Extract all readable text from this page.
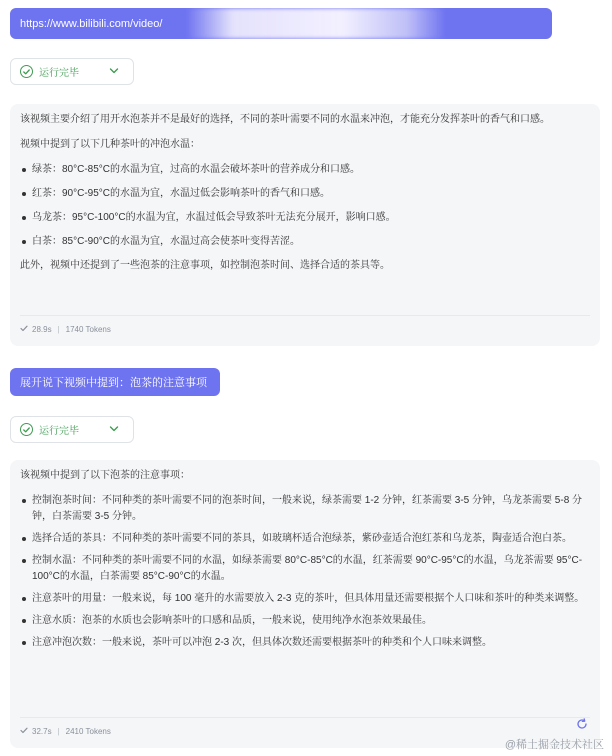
https://www.bilibili.com/video/
运行完毕

该视频主要介绍了用开水泡茶并不是最好的选择，不同的茶叶需要不同的水温来冲泡，才能充分发挥茶叶的香气和口感。

视频中提到了以下几种茶叶的冲泡水温：

绿茶：80°C-85°C的水温为宜，过高的水温会破坏茶叶的营养成分和口感。
红茶：90°C-95°C的水温为宜，水温过低会影响茶叶的香气和口感。
乌龙茶：95°C-100°C的水温为宜，水温过低会导致茶叶无法充分展开，影响口感。
白茶：85°C-90°C的水温为宜，水温过高会使茶叶变得苦涩。

此外，视频中还提到了一些泡茶的注意事项，如控制泡茶时间、选择合适的茶具等。

28.9s | 1740 Tokens
展开说下视频中提到：泡茶的注意事项
运行完毕

该视频中提到了以下泡茶的注意事项：

控制泡茶时间：不同种类的茶叶需要不同的泡茶时间，一般来说，绿茶需要 1-2 分钟，红茶需要 3-5 分钟，乌龙茶需要 5-8 分钟，白茶需要 3-5 分钟。
选择合适的茶具：不同种类的茶叶需要不同的茶具，如玻璃杯适合泡绿茶，紫砂壶适合泡红茶和乌龙茶，陶壶适合泡白茶。
控制水温：不同种类的茶叶需要不同的水温，如绿茶需要 80°C-85°C的水温，红茶需要 90°C-95°C的水温，乌龙茶需要 95°C-100°C的水温，白茶需要 85°C-90°C的水温。
注意茶叶的用量：一般来说，每 100 毫升的水需要放入 2-3 克的茶叶，但具体用量还需要根据个人口味和茶叶的种类来调整。
注意水质：泡茶的水质也会影响茶叶的口感和品质，一般来说，使用纯净水泡茶效果最佳。
注意冲泡次数：一般来说，茶叶可以冲泡 2-3 次，但具体次数还需要根据茶叶的种类和个人口味来调整。
32.7s | 2410 Tokens
@稀土掘金技术社区
